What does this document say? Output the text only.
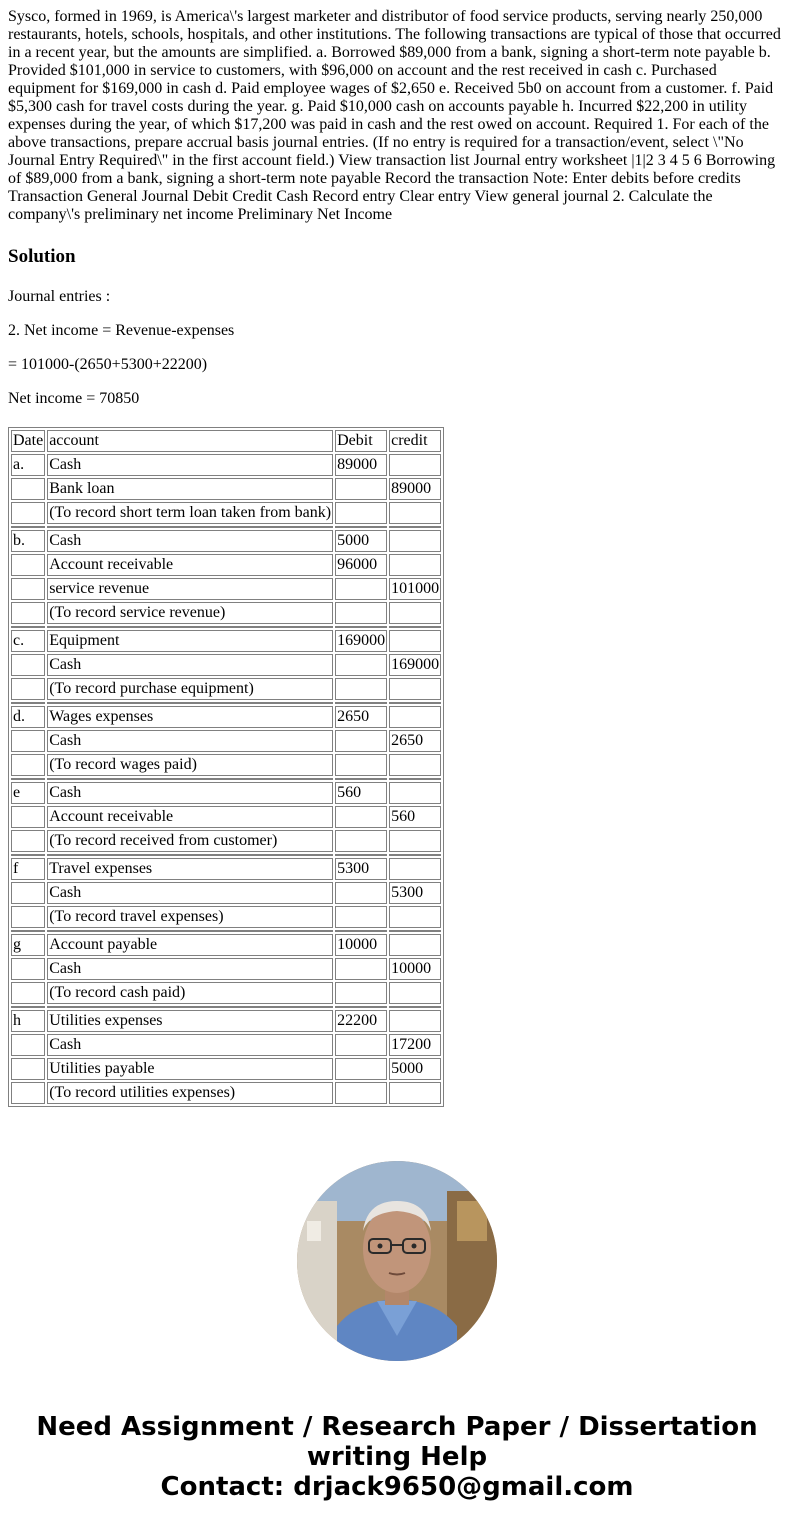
Sysco, formed in 1969, is America\'s largest marketer and distributor of food service products, serving nearly 250,000 restaurants, hotels, schools, hospitals, and other institutions. The following transactions are typical of those that occurred in a recent year, but the amounts are simplified. a. Borrowed $89,000 from a bank, signing a short-term note payable b. Provided $101,000 in service to customers, with $96,000 on account and the rest received in cash c. Purchased equipment for $169,000 in cash d. Paid employee wages of $2,650 e. Received 5b0 on account from a customer. f. Paid $5,300 cash for travel costs during the year. g. Paid $10,000 cash on accounts payable h. Incurred $22,200 in utility expenses during the year, of which $17,200 was paid in cash and the rest owed on account. Required 1. For each of the above transactions, prepare accrual basis journal entries. (If no entry is required for a transaction/event, select \"No Journal Entry Required\" in the first account field.) View transaction list Journal entry worksheet |1|2 3 4 5 6 Borrowing of $89,000 from a bank, signing a short-term note payable Record the transaction Note: Enter debits before credits Transaction General Journal Debit Credit Cash Record entry Clear entry View general journal 2. Calculate the company\'s preliminary net income Preliminary Net Income
Solution
Journal entries :
2. Net income = Revenue-expenses
= 101000-(2650+5300+22200)
Net income = 70850
Date	account	Debit	credit
a.	Cash	89000	
	Bank loan		89000
	(To record short term loan taken from bank)		

b.	Cash	5000	
	Account receivable	96000	
	service revenue		101000
	(To record service revenue)		

c.	Equipment	169000	
	Cash		169000
	(To record purchase equipment)		

d.	Wages expenses	2650	
	Cash		2650
	(To record wages paid)		

e	Cash	560	
	Account receivable		560
	(To record received from customer)		

f	Travel expenses	5300	
	Cash		5300
	(To record travel expenses)		

g	Account payable	10000	
	Cash		10000
	(To record cash paid)		

h	Utilities expenses	22200	
	Cash		17200
	Utilities payable		5000
	(To record utilities expenses)		
Need Assignment / Research Paper / Dissertation
writing Help
Contact: drjack9650@gmail.com
